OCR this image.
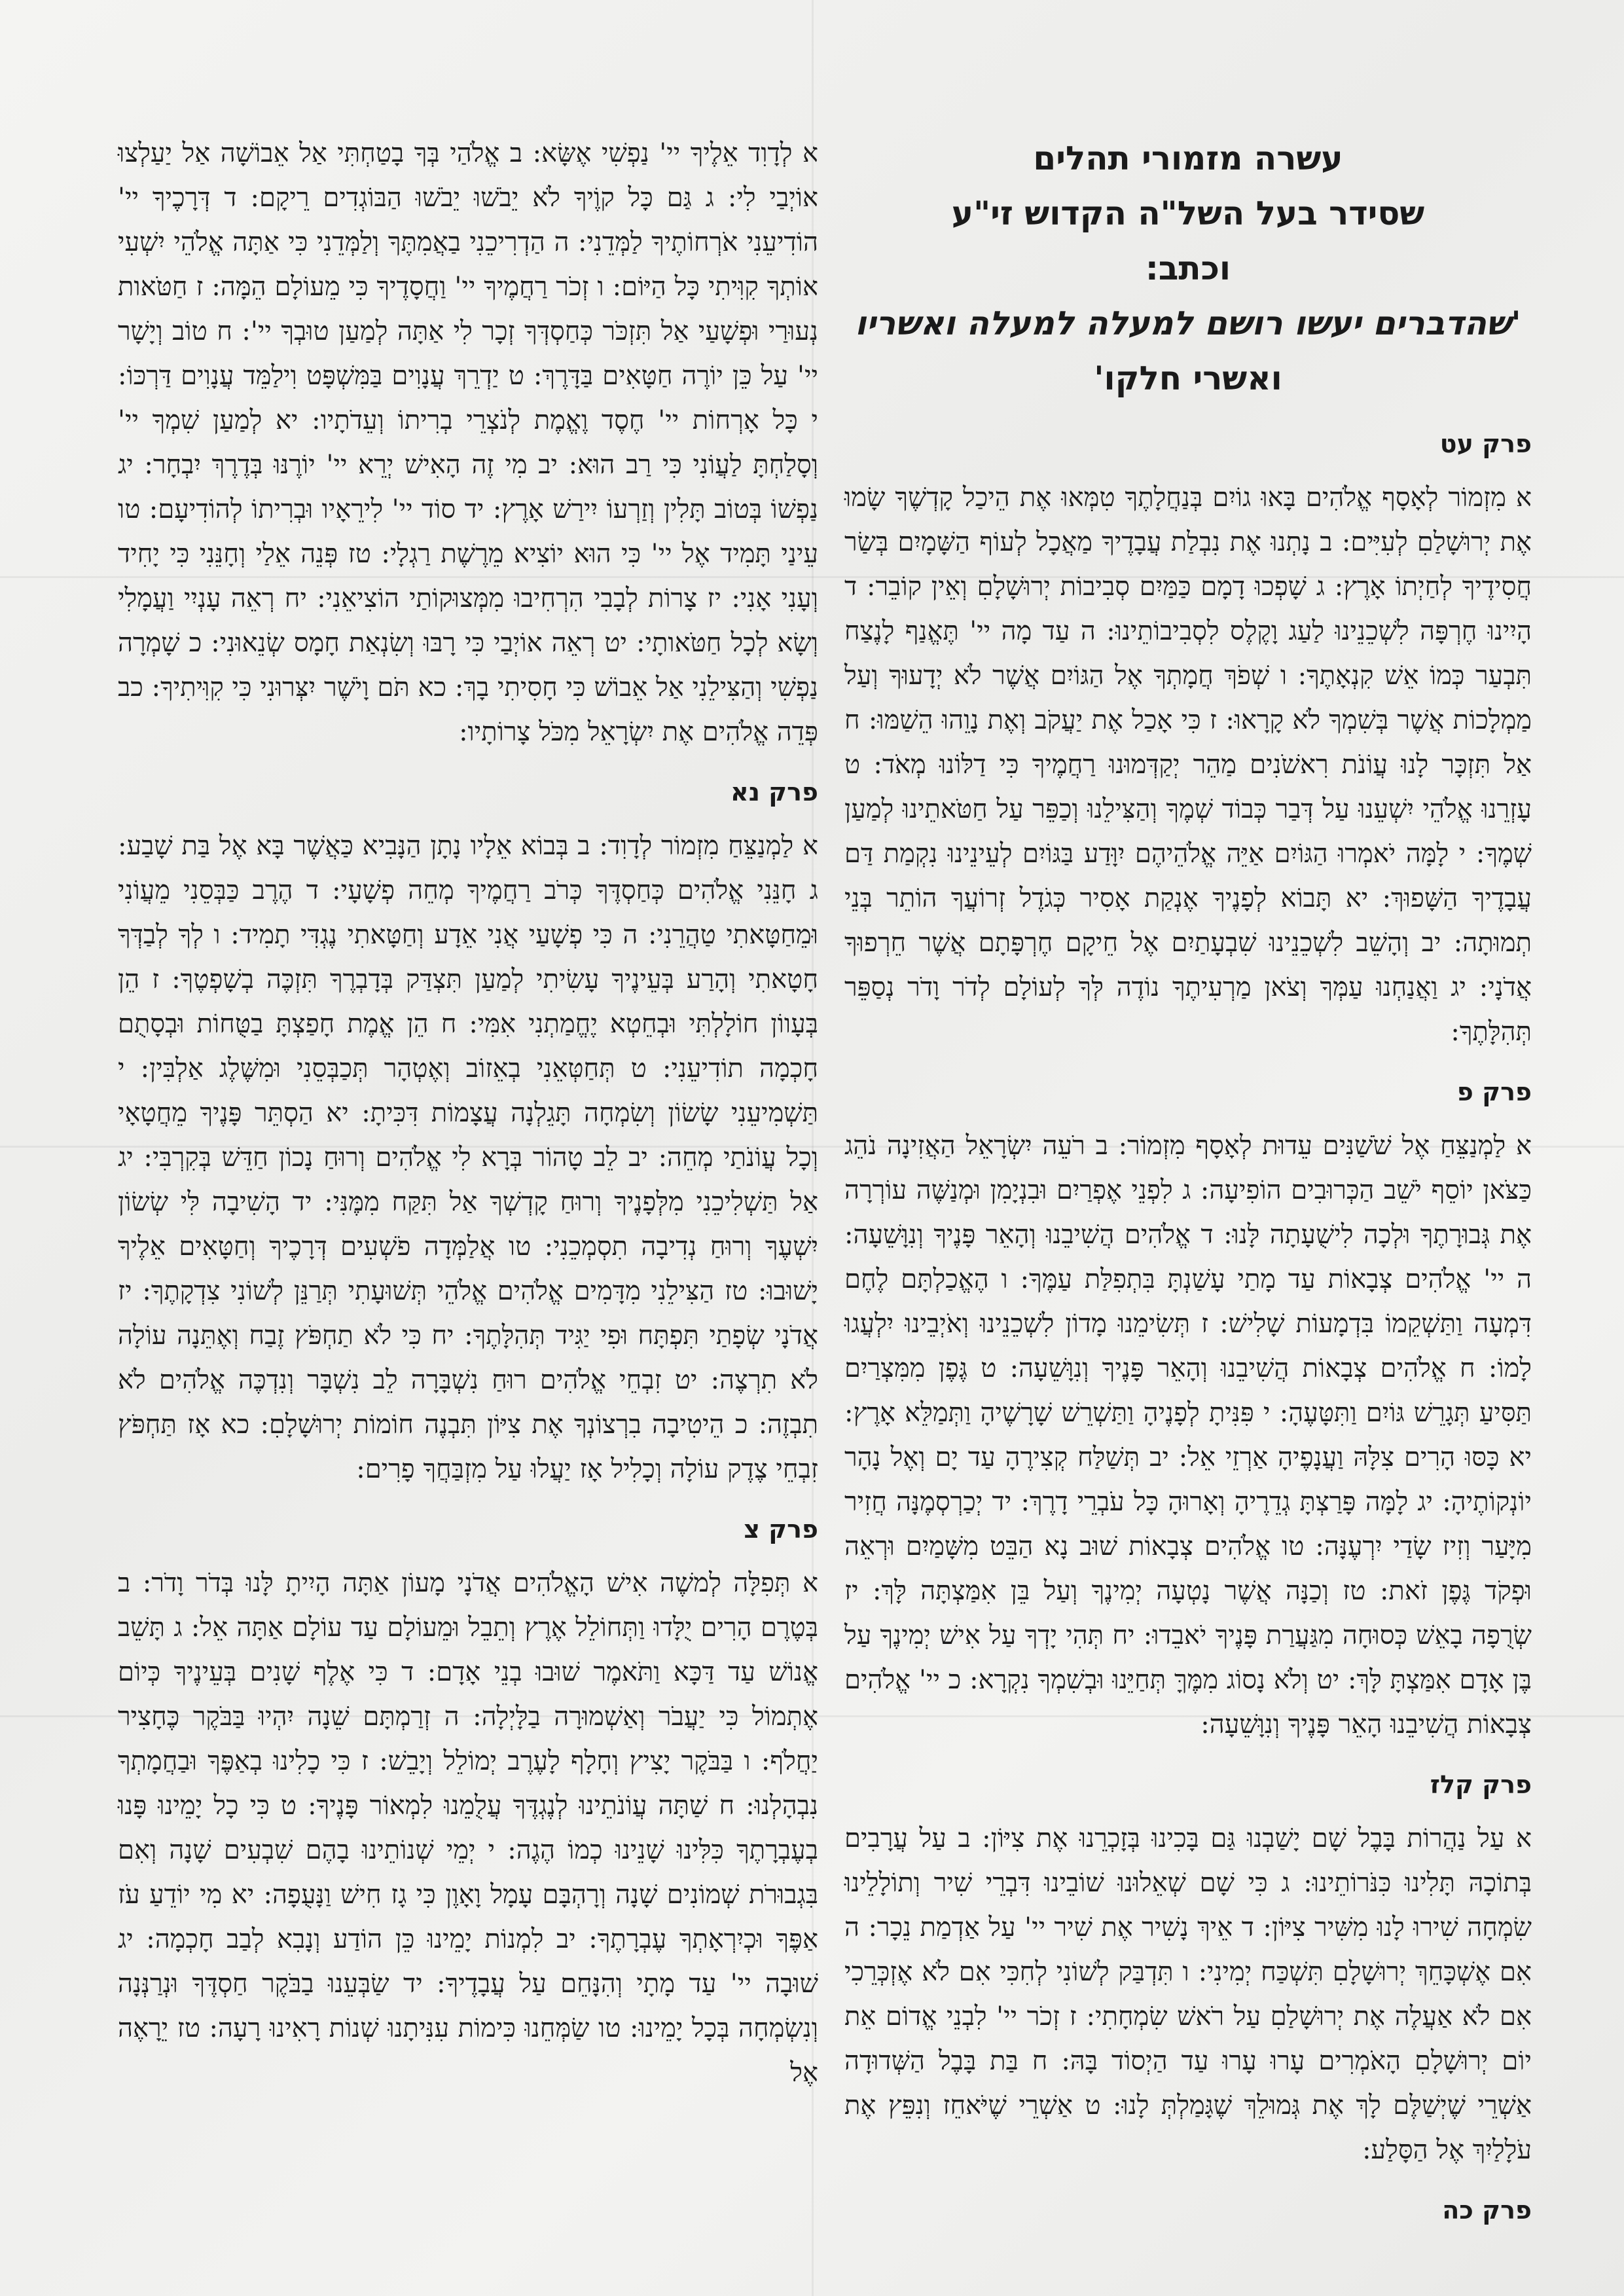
עשרה מזמורי תהלים
שסידר בעל השל"ה הקדוש זי"ע
וכתב:
'שהדברים יעשו רושם למעלה למעלה ואשריו
ואשרי חלקו'
פרק עט
א מִזְמוֹר לְאָסָף אֱלֹהִים בָּאוּ גוֹיִם בְּנַחֲלָתֶךָ טִמְּאוּ אֶת הֵיכַל קָדְשֶׁךָ שָׂמוּ אֶת יְרוּשָׁלַםִ לְעִיִּים: ב נָתְנוּ אֶת נִבְלַת עֲבָדֶיךָ מַאֲכָל לְעוֹף הַשָּׁמָיִם בְּשַׂר חֲסִידֶיךָ לְחַיְתוֹ אָרֶץ: ג שָׁפְכוּ דָמָם כַּמַּיִם סְבִיבוֹת יְרוּשָׁלָםִ וְאֵין קוֹבֵר: ד הָיִינוּ חֶרְפָּה לִשְׁכֵנֵינוּ לַעַג וָקֶלֶס לִסְבִיבוֹתֵינוּ: ה עַד מָה יי' תֶּאֱנַף לָנֶצַח תִּבְעַר כְּמוֹ אֵשׁ קִנְאָתֶךָ: ו שְׁפֹךְ חֲמָתְךָ אֶל הַגּוֹיִם אֲשֶׁר לֹא יְדָעוּךָ וְעַל מַמְלָכוֹת אֲשֶׁר בְּשִׁמְךָ לֹא קָרָאוּ: ז כִּי אָכַל אֶת יַעֲקֹב וְאֶת נָוֵהוּ הֵשַׁמּוּ: ח אַל תִּזְכָּר לָנוּ עֲוֹנֹת רִאשֹׁנִים מַהֵר יְקַדְּמוּנוּ רַחֲמֶיךָ כִּי דַלּוֹנוּ מְאֹד: ט עָזְרֵנוּ אֱלֹהֵי יִשְׁעֵנוּ עַל דְּבַר כְּבוֹד שְׁמֶךָ וְהַצִּילֵנוּ וְכַפֵּר עַל חַטֹּאתֵינוּ לְמַעַן שְׁמֶךָ: י לָמָּה יֹאמְרוּ הַגּוֹיִם אַיֵּה אֱלֹהֵיהֶם יִוָּדַע בַּגּוֹיִם לְעֵינֵינוּ נִקְמַת דַּם עֲבָדֶיךָ הַשָּׁפוּךְ: יא תָּבוֹא לְפָנֶיךָ אֶנְקַת אָסִיר כְּגֹדֶל זְרוֹעֲךָ הוֹתֵר בְּנֵי תְמוּתָה: יב וְהָשֵׁב לִשְׁכֵנֵינוּ שִׁבְעָתַיִם אֶל חֵיקָם חֶרְפָּתָם אֲשֶׁר חֵרְפוּךָ אֲדֹנָי: יג וַאֲנַחְנוּ עַמְּךָ וְצֹאן מַרְעִיתֶךָ נוֹדֶה לְּךָ לְעוֹלָם לְדֹר וָדֹר נְסַפֵּר תְּהִלָּתֶךָ:
פרק פ
א לַמְנַצֵּחַ אֶל שֹׁשַׁנִּים עֵדוּת לְאָסָף מִזְמוֹר: ב רֹעֵה יִשְׂרָאֵל הַאֲזִינָה נֹהֵג כַּצֹּאן יוֹסֵף יֹשֵׁב הַכְּרוּבִים הוֹפִיעָה: ג לִפְנֵי אֶפְרַיִם וּבִנְיָמִן וּמְנַשֶּׁה עוֹרְרָה אֶת גְּבוּרָתֶךָ וּלְכָה לִישֻׁעָתָה לָּנוּ: ד אֱלֹהִים הֲשִׁיבֵנוּ וְהָאֵר פָּנֶיךָ וְנִוָּשֵׁעָה: ה יי' אֱלֹהִים צְבָאוֹת עַד מָתַי עָשַׁנְתָּ בִּתְפִלַּת עַמֶּךָ: ו הֶאֱכַלְתָּם לֶחֶם דִּמְעָה וַתַּשְׁקֵמוֹ בִּדְמָעוֹת שָׁלִישׁ: ז תְּשִׂימֵנוּ מָדוֹן לִשְׁכֵנֵינוּ וְאֹיְבֵינוּ יִלְעֲגוּ לָמוֹ: ח אֱלֹהִים צְבָאוֹת הֲשִׁיבֵנוּ וְהָאֵר פָּנֶיךָ וְנִוָּשֵׁעָה: ט גֶּפֶן מִמִּצְרַיִם תַּסִּיעַ תְּגָרֵשׁ גּוֹיִם וַתִּטָּעֶהָ: י פִּנִּיתָ לְפָנֶיהָ וַתַּשְׁרֵשׁ שָׁרָשֶׁיהָ וַתְּמַלֵּא אָרֶץ: יא כָּסּוּ הָרִים צִלָּהּ וַעֲנָפֶיהָ אַרְזֵי אֵל: יב תְּשַׁלַּח קְצִירֶהָ עַד יָם וְאֶל נָהָר יוֹנְקוֹתֶיהָ: יג לָמָּה פָּרַצְתָּ גְדֵרֶיהָ וְאָרוּהָ כָּל עֹבְרֵי דָרֶךְ: יד יְכַרְסְמֶנָּה חֲזִיר מִיָּעַר וְזִיז שָׂדַי יִרְעֶנָּה: טו אֱלֹהִים צְבָאוֹת שׁוּב נָא הַבֵּט מִשָּׁמַיִם וּרְאֵה וּפְקֹד גֶּפֶן זֹאת: טז וְכַנָּה אֲשֶׁר נָטְעָה יְמִינֶךָ וְעַל בֵּן אִמַּצְתָּה לָּךְ: יז שְׂרֻפָה בָאֵשׁ כְּסוּחָה מִגַּעֲרַת פָּנֶיךָ יֹאבֵדוּ: יח תְּהִי יָדְךָ עַל אִישׁ יְמִינֶךָ עַל בֶּן אָדָם אִמַּצְתָּ לָּךְ: יט וְלֹא נָסוֹג מִמֶּךָּ תְּחַיֵּנוּ וּבְשִׁמְךָ נִקְרָא: כ יי' אֱלֹהִים צְבָאוֹת הֲשִׁיבֵנוּ הָאֵר פָּנֶיךָ וְנִוָּשֵׁעָה:
פרק קלז
א עַל נַהֲרוֹת בָּבֶל שָׁם יָשַׁבְנוּ גַּם בָּכִינוּ בְּזָכְרֵנוּ אֶת צִיּוֹן: ב עַל עֲרָבִים בְּתוֹכָהּ תָּלִינוּ כִּנֹּרוֹתֵינוּ: ג כִּי שָׁם שְׁאֵלוּנוּ שׁוֹבֵינוּ דִּבְרֵי שִׁיר וְתוֹלָלֵינוּ שִׂמְחָה שִׁירוּ לָנוּ מִשִּׁיר צִיּוֹן: ד אֵיךְ נָשִׁיר אֶת שִׁיר יי' עַל אַדְמַת נֵכָר: ה אִם אֶשְׁכָּחֵךְ יְרוּשָׁלָםִ תִּשְׁכַּח יְמִינִי: ו תִּדְבַּק לְשׁוֹנִי לְחִכִּי אִם לֹא אֶזְכְּרֵכִי אִם לֹא אַעֲלֶה אֶת יְרוּשָׁלַםִ עַל רֹאשׁ שִׂמְחָתִי: ז זְכֹר יי' לִבְנֵי אֱדוֹם אֵת יוֹם יְרוּשָׁלָםִ הָאֹמְרִים עָרוּ עָרוּ עַד הַיְסוֹד בָּהּ: ח בַּת בָּבֶל הַשְּׁדוּדָה אַשְׁרֵי שֶׁיְשַׁלֶּם לָךְ אֶת גְּמוּלֵךְ שֶׁגָּמַלְתְּ לָנוּ: ט אַשְׁרֵי שֶׁיֹּאחֵז וְנִפֵּץ אֶת עֹלָלַיִךְ אֶל הַסָּלַע:
פרק כה
א לְדָוִד אֵלֶיךָ יי' נַפְשִׁי אֶשָּׂא: ב אֱלֹהַי בְּךָ בָטַחְתִּי אַל אֵבוֹשָׁה אַל יַעַלְצוּ אוֹיְבַי לִי: ג גַּם כָּל קוֶֹיךָ לֹא יֵבֹשׁוּ יֵבֹשׁוּ הַבּוֹגְדִים רֵיקָם: ד דְּרָכֶיךָ יי' הוֹדִיעֵנִי אֹרְחוֹתֶיךָ לַמְּדֵנִי: ה הַדְרִיכֵנִי בַאֲמִתֶּךָ וְלַמְּדֵנִי כִּי אַתָּה אֱלֹהֵי יִשְׁעִי אוֹתְךָ קִוִּיתִי כָּל הַיּוֹם: ו זְכֹר רַחֲמֶיךָ יי' וַחֲסָדֶיךָ כִּי מֵעוֹלָם הֵמָּה: ז חַטֹּאות נְעוּרַי וּפְשָׁעַי אַל תִּזְכֹּר כְּחַסְדְּךָ זְכָר לִי אַתָּה לְמַעַן טוּבְךָ יי': ח טוֹב וְיָשָׁר יי' עַל כֵּן יוֹרֶה חַטָּאִים בַּדָּרֶךְ: ט יַדְרֵךְ עֲנָוִים בַּמִּשְׁפָּט וִילַמֵּד עֲנָוִים דַּרְכּוֹ: י כָּל אָרְחוֹת יי' חֶסֶד וֶאֱמֶת לְנֹצְרֵי בְרִיתוֹ וְעֵדֹתָיו: יא לְמַעַן שִׁמְךָ יי' וְסָלַחְתָּ לַעֲוֹנִי כִּי רַב הוּא: יב מִי זֶה הָאִישׁ יְרֵא יי' יוֹרֶנּוּ בְּדֶרֶךְ יִבְחָר: יג נַפְשׁוֹ בְּטוֹב תָּלִין וְזַרְעוֹ יִירַשׁ אָרֶץ: יד סוֹד יי' לִירֵאָיו וּבְרִיתוֹ לְהוֹדִיעָם: טו עֵינַי תָּמִיד אֶל יי' כִּי הוּא יוֹצִיא מֵרֶשֶׁת רַגְלָי: טז פְּנֵה אֵלַי וְחָנֵּנִי כִּי יָחִיד וְעָנִי אָנִי: יז צָרוֹת לְבָבִי הִרְחִיבוּ מִמְּצוּקוֹתַי הוֹצִיאֵנִי: יח רְאֵה עָנְיִי וַעֲמָלִי וְשָׂא לְכָל חַטֹּאותָי: יט רְאֵה אוֹיְבַי כִּי רָבּוּ וְשִׂנְאַת חָמָס שְׂנֵאוּנִי: כ שָׁמְרָה נַפְשִׁי וְהַצִּילֵנִי אַל אֵבוֹשׁ כִּי חָסִיתִי בָךְ: כא תֹּם וָיֹשֶׁר יִצְּרוּנִי כִּי קִוִּיתִיךָ: כב פְּדֵה אֱלֹהִים אֶת יִשְׂרָאֵל מִכֹּל צָרוֹתָיו:
פרק נא
א לַמְנַצֵּחַ מִזְמוֹר לְדָוִד: ב בְּבוֹא אֵלָיו נָתָן הַנָּבִיא כַּאֲשֶׁר בָּא אֶל בַּת שָׁבַע: ג חָנֵּנִי אֱלֹהִים כְּחַסְדֶּךָ כְּרֹב רַחֲמֶיךָ מְחֵה פְשָׁעָי: ד הֶרֶב כַּבְּסֵנִי מֵעֲוֹנִי וּמֵחַטָּאתִי טַהֲרֵנִי: ה כִּי פְשָׁעַי אֲנִי אֵדָע וְחַטָּאתִי נֶגְדִּי תָמִיד: ו לְךָ לְבַדְּךָ חָטָאתִי וְהָרַע בְּעֵינֶיךָ עָשִׂיתִי לְמַעַן תִּצְדַּק בְּדָבְרֶךָ תִּזְכֶּה בְשָׁפְטֶךָ: ז הֵן בְּעָווֹן חוֹלָלְתִּי וּבְחֵטְא יֶחֱמַתְנִי אִמִּי: ח הֵן אֱמֶת חָפַצְתָּ בַטֻּחוֹת וּבְסָתֻם חָכְמָה תוֹדִיעֵנִי: ט תְּחַטְּאֵנִי בְאֵזוֹב וְאֶטְהָר תְּכַבְּסֵנִי וּמִשֶּׁלֶג אַלְבִּין: י תַּשְׁמִיעֵנִי שָׂשׂוֹן וְשִׂמְחָה תָּגֵלְנָה עֲצָמוֹת דִּכִּיתָ: יא הַסְתֵּר פָּנֶיךָ מֵחֲטָאָי וְכָל עֲוֹנֹתַי מְחֵה: יב לֵב טָהוֹר בְּרָא לִי אֱלֹהִים וְרוּחַ נָכוֹן חַדֵּשׁ בְּקִרְבִּי: יג אַל תַּשְׁלִיכֵנִי מִלְּפָנֶיךָ וְרוּחַ קָדְשְׁךָ אַל תִּקַּח מִמֶּנִּי: יד הָשִׁיבָה לִּי שְׂשׂוֹן יִשְׁעֶךָ וְרוּחַ נְדִיבָה תִסְמְכֵנִי: טו אֲלַמְּדָה פֹשְׁעִים דְּרָכֶיךָ וְחַטָּאִים אֵלֶיךָ יָשׁוּבוּ: טז הַצִּילֵנִי מִדָּמִים אֱלֹהִים אֱלֹהֵי תְּשׁוּעָתִי תְּרַנֵּן לְשׁוֹנִי צִדְקָתֶךָ: יז אֲדֹנָי שְׂפָתַי תִּפְתָּח וּפִי יַגִּיד תְּהִלָּתֶךָ: יח כִּי לֹא תַחְפֹּץ זֶבַח וְאֶתֵּנָה עוֹלָה לֹא תִרְצֶה: יט זִבְחֵי אֱלֹהִים רוּחַ נִשְׁבָּרָה לֵב נִשְׁבָּר וְנִדְכֶּה אֱלֹהִים לֹא תִבְזֶה: כ הֵיטִיבָה בִרְצוֹנְךָ אֶת צִיּוֹן תִּבְנֶה חוֹמוֹת יְרוּשָׁלָםִ: כא אָז תַּחְפֹּץ זִבְחֵי צֶדֶק עוֹלָה וְכָלִיל אָז יַעֲלוּ עַל מִזְבַּחֲךָ פָרִים:
פרק צ
א תְּפִלָּה לְמשֶׁה אִישׁ הָאֱלֹהִים אֲדֹנָי מָעוֹן אַתָּה הָיִיתָ לָּנוּ בְּדֹר וָדֹר: ב בְּטֶרֶם הָרִים יֻלָּדוּ וַתְּחוֹלֵל אֶרֶץ וְתֵבֵל וּמֵעוֹלָם עַד עוֹלָם אַתָּה אֵל: ג תָּשֵׁב אֱנוֹשׁ עַד דַּכָּא וַתֹּאמֶר שׁוּבוּ בְנֵי אָדָם: ד כִּי אֶלֶף שָׁנִים בְּעֵינֶיךָ כְּיוֹם אֶתְמוֹל כִּי יַעֲבֹר וְאַשְׁמוּרָה בַלָּיְלָה: ה זְרַמְתָּם שֵׁנָה יִהְיוּ בַּבֹּקֶר כֶּחָצִיר יַחֲלֹף: ו בַּבֹּקֶר יָצִיץ וְחָלָף לָעֶרֶב יְמוֹלֵל וְיָבֵשׁ: ז כִּי כָלִינוּ בְאַפֶּךָ וּבַחֲמָתְךָ נִבְהָלְנוּ: ח שַׁתָּה עֲוֹנֹתֵינוּ לְנֶגְדֶּךָ עֲלֻמֵנוּ לִמְאוֹר פָּנֶיךָ: ט כִּי כָל יָמֵינוּ פָּנוּ בְעֶבְרָתֶךָ כִּלִּינוּ שָׁנֵינוּ כְמוֹ הֶגֶה: י יְמֵי שְׁנוֹתֵינוּ בָהֶם שִׁבְעִים שָׁנָה וְאִם בִּגְבוּרֹת שְׁמוֹנִים שָׁנָה וְרָהְבָּם עָמָל וָאָוֶן כִּי גָז חִישׁ וַנָּעֻפָה: יא מִי יוֹדֵעַ עֹז אַפֶּךָ וּכְיִרְאָתְךָ עֶבְרָתֶךָ: יב לִמְנוֹת יָמֵינוּ כֵּן הוֹדַע וְנָבִא לְבַב חָכְמָה: יג שׁוּבָה יי' עַד מָתָי וְהִנָּחֵם עַל עֲבָדֶיךָ: יד שַׂבְּעֵנוּ בַבֹּקֶר חַסְדֶּךָ וּנְרַנְּנָה וְנִשְׂמְחָה בְּכָל יָמֵינוּ: טו שַׂמְּחֵנוּ כִּימוֹת עִנִּיתָנוּ שְׁנוֹת רָאִינוּ רָעָה: טז יֵרָאֶה אֶל
